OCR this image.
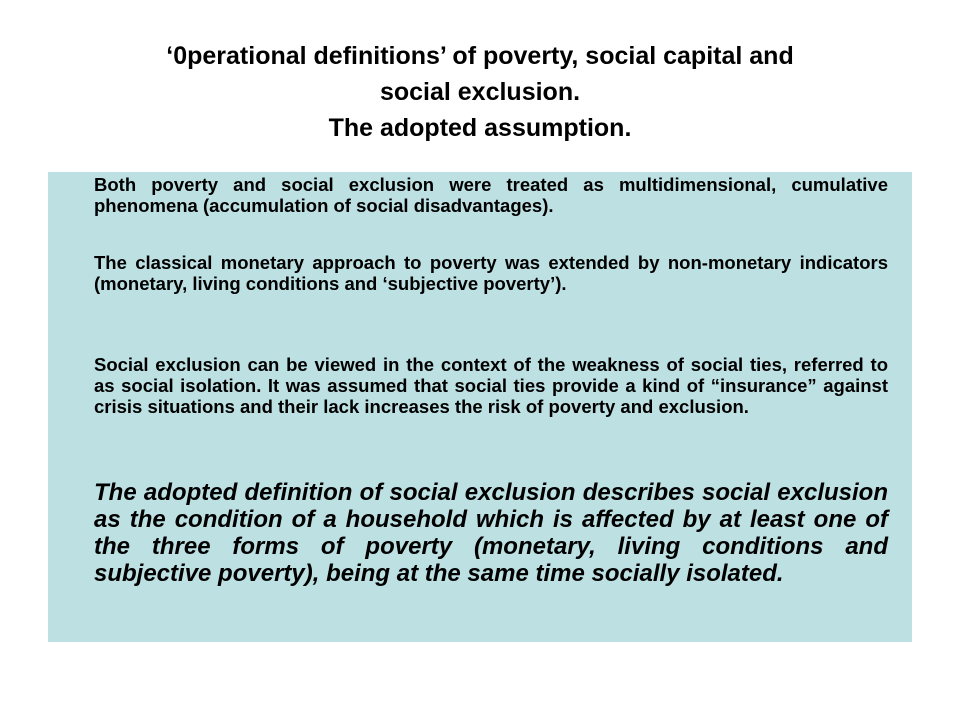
‘0perational definitions’ of poverty, social capital and
social exclusion.
The adopted assumption.

Both poverty and social exclusion were treated as multidimensional, cumulative phenomena (accumulation of social disadvantages).

The classical monetary approach to poverty was extended by non-monetary indicators (monetary, living conditions and ‘subjective poverty’).

Social exclusion can be viewed in the context of the weakness of social ties, referred to as social isolation. It was assumed that social ties provide a kind of “insurance” against crisis situations and their lack increases the risk of poverty and exclusion.

The adopted definition of social exclusion describes social exclusion as the condition of a household which is affected by at least one of the three forms of poverty (monetary, living conditions and subjective poverty), being at the same time socially isolated.
